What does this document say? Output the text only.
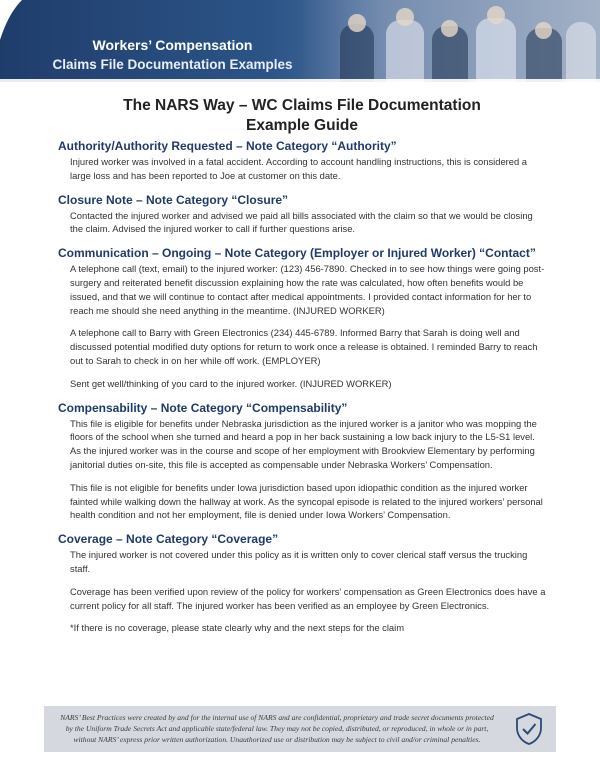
Workers’ Compensation
Claims File Documentation Examples
The NARS Way – WC Claims File Documentation
Example Guide
Authority/Authority Requested – Note Category “Authority”

Injured worker was involved in a fatal accident. According to account handling instructions, this is considered a large loss and has been reported to Joe at customer on this date.

Closure Note – Note Category “Closure”

Contacted the injured worker and advised we paid all bills associated with the claim so that we would be closing the claim. Advised the injured worker to call if further questions arise.

Communication – Ongoing – Note Category (Employer or Injured Worker) “Contact”

A telephone call (text, email) to the injured worker: (123) 456-7890. Checked in to see how things were going post-surgery and reiterated benefit discussion explaining how the rate was calculated, how often benefits would be issued, and that we will continue to contact after medical appointments. I provided contact information for her to reach me should she need anything in the meantime. (INJURED WORKER)

A telephone call to Barry with Green Electronics (234) 445-6789. Informed Barry that Sarah is doing well and discussed potential modified duty options for return to work once a release is obtained. I reminded Barry to reach out to Sarah to check in on her while off work. (EMPLOYER)

Sent get well/thinking of you card to the injured worker. (INJURED WORKER)

Compensability – Note Category “Compensability”

This file is eligible for benefits under Nebraska jurisdiction as the injured worker is a janitor who was mopping the floors of the school when she turned and heard a pop in her back sustaining a low back injury to the L5-S1 level. As the injured worker was in the course and scope of her employment with Brookview Elementary by performing janitorial duties on-site, this file is accepted as compensable under Nebraska Workers’ Compensation.

This file is not eligible for benefits under Iowa jurisdiction based upon idiopathic condition as the injured worker fainted while walking down the hallway at work. As the syncopal episode is related to the injured workers’ personal health condition and not her employment, file is denied under Iowa Workers’ Compensation.

Coverage – Note Category “Coverage”

The injured worker is not covered under this policy as it is written only to cover clerical staff versus the trucking staff.

Coverage has been verified upon review of the policy for workers’ compensation as Green Electronics does have a current policy for all staff. The injured worker has been verified as an employee by Green Electronics.

*If there is no coverage, please state clearly why and the next steps for the claim

NARS’ Best Practices were created by and for the internal use of NARS and are confidential, proprietary and trade secret documents protected
by the Uniform Trade Secrets Act and applicable state/federal law. They may not be copied, distributed, or reproduced, in whole or in part,
without NARS’ express prior written authorization. Unauthorized use or distribution may be subject to civil and/or criminal penalties.
